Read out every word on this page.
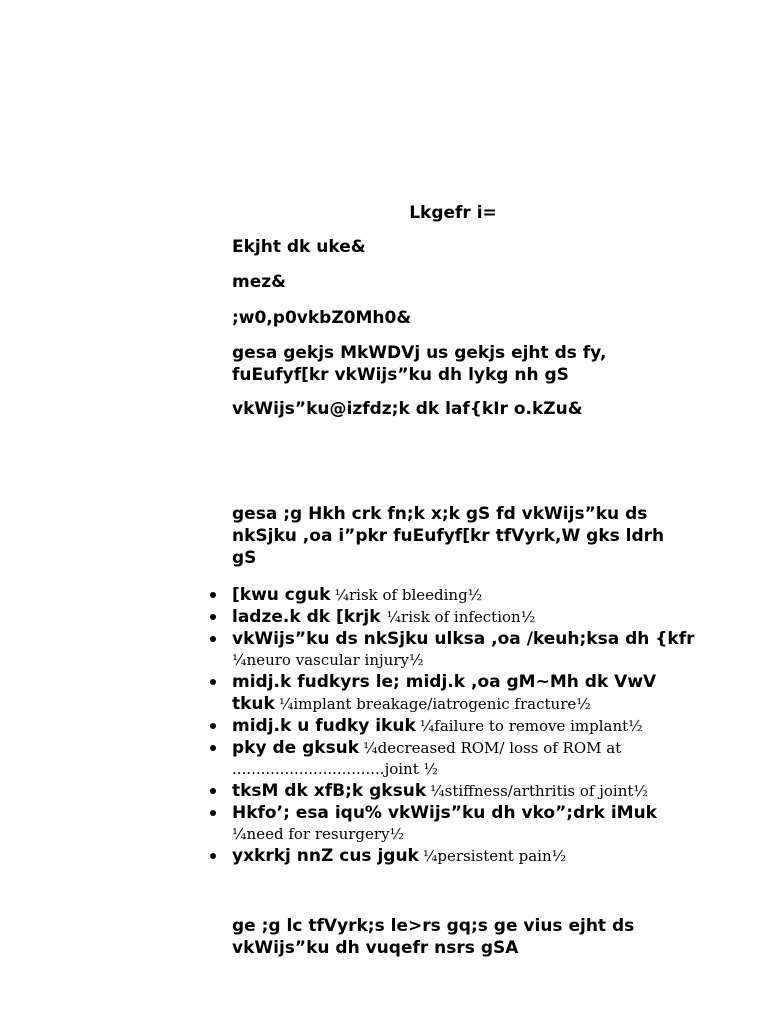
Lkgefr i=

Ekjht dk uke&

mez&

;w0,p0vkbZ0Mh0&

gesa gekjs MkWDVj us gekjs ejht ds fy, fuEufyf[kr vkWijs”ku dh lykg nh gS

vkWijs”ku@izfdz;k dk laf{kIr o.kZu&

gesa ;g Hkh crk fn;k x;k gS fd vkWijs”ku ds nkSjku ,oa i”pkr fuEufyf[kr tfVyrk,W gks ldrh gS

[kwu cguk ¼risk of bleeding½
ladze.k dk [krjk ¼risk of infection½
vkWijs”ku ds nkSjku ulksa ,oa /keuh;ksa dh {kfr ¼neuro vascular injury½
midj.k fudkyrs le; midj.k ,oa gM~Mh dk VwV tkuk ¼implant breakage/iatrogenic fracture½
midj.k u fudky ikuk ¼failure to remove implant½
pky de gksuk ¼decreased ROM/ loss of ROM at ................................joint ½
tksM dk xfB;k gksuk ¼stiffness/arthritis of joint½
Hkfo’; esa iqu% vkWijs”ku dh vko”;drk iMuk ¼need for resurgery½
yxkrkj nnZ cus jguk ¼persistent pain½

ge ;g lc tfVyrk;s le>rs gq;s ge vius ejht ds vkWijs”ku dh vuqefr nsrs gSA
